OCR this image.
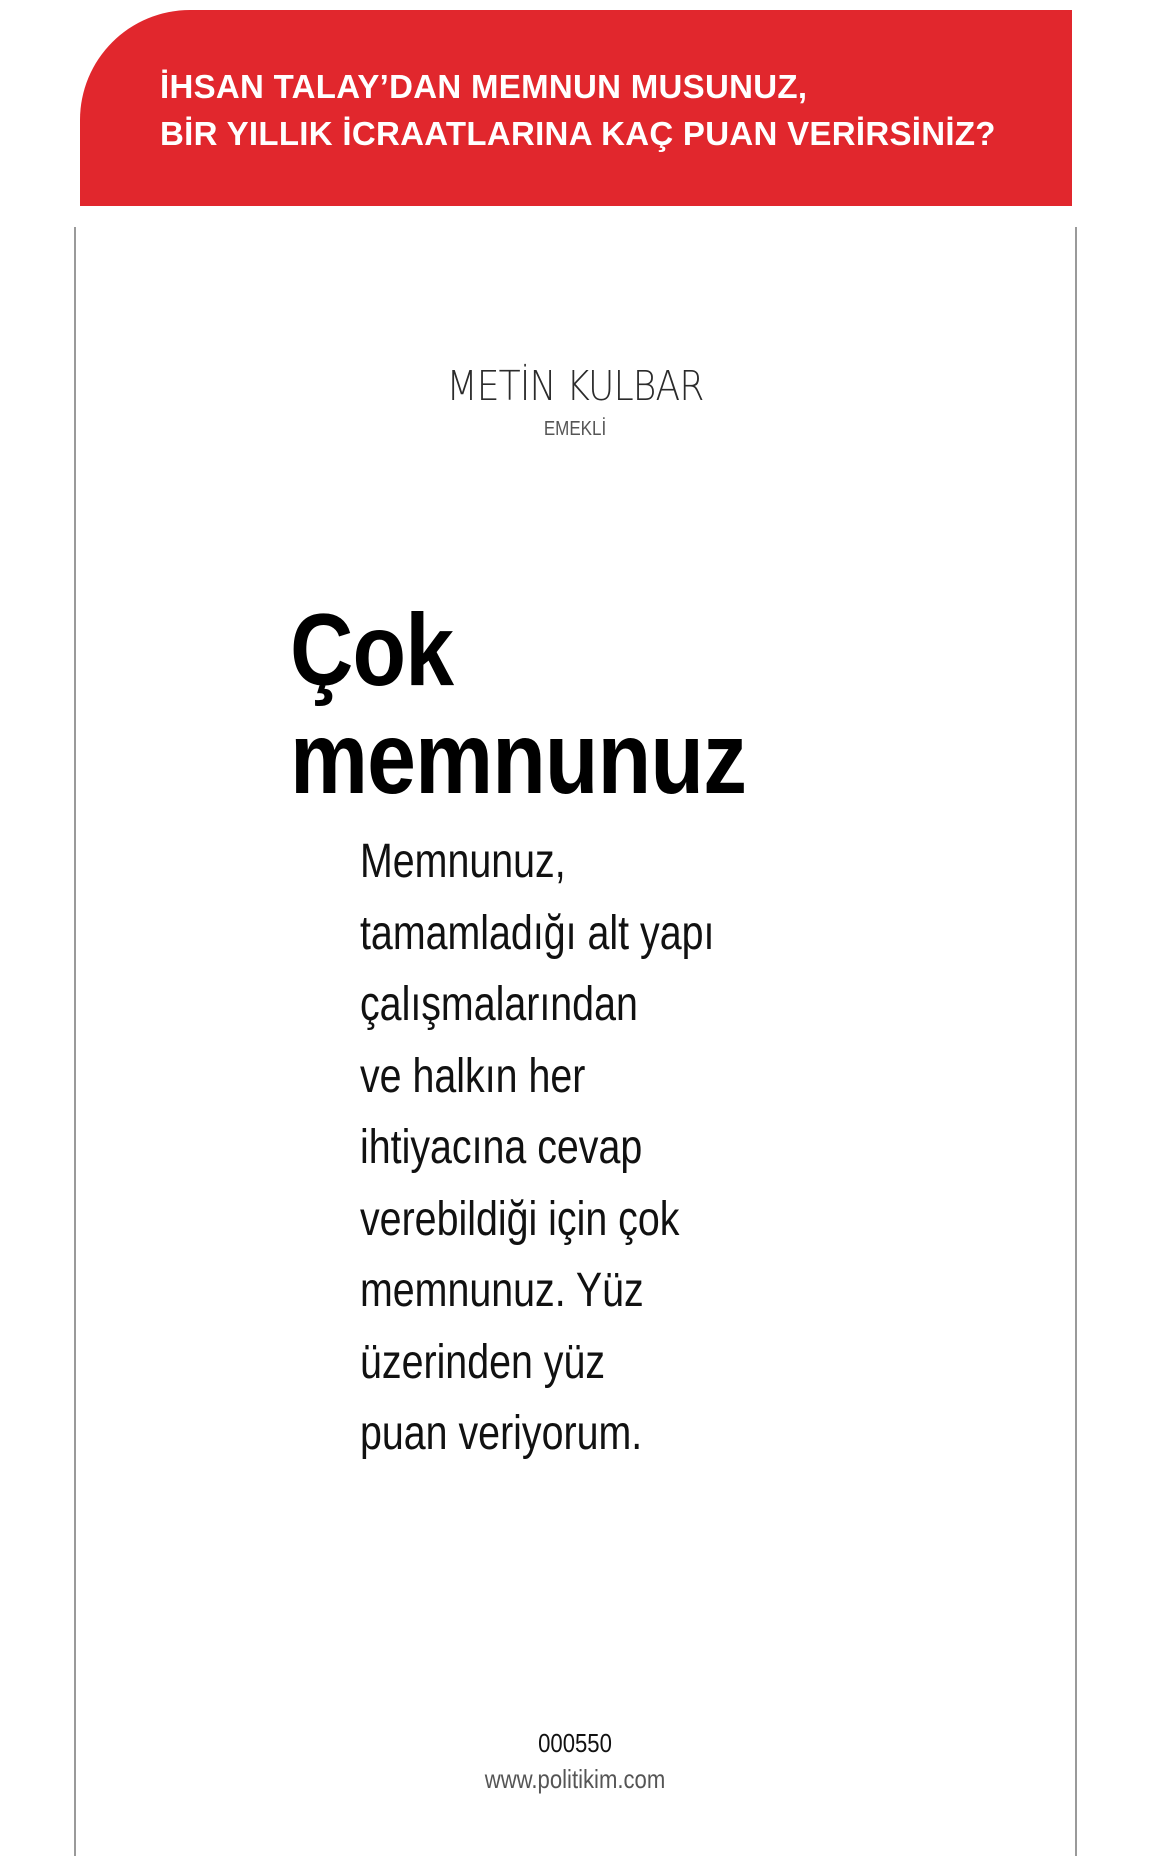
İHSAN TALAY’DAN MEMNUN MUSUNUZ,
BİR YILLIK İCRAATLARINA KAÇ PUAN VERİRSİNİZ?
METİN KULBAR
EMEKLİ
Çok
memnunuz
Memnunuz,
tamamladığı alt yapı
çalışmalarından
ve halkın her
ihtiyacına cevap
verebildiği için çok
memnunuz. Yüz
üzerinden yüz
puan veriyorum.
000550
www.politikim.com
